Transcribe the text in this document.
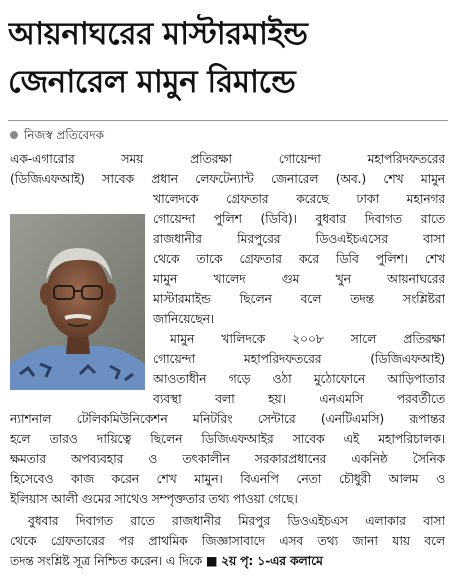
আয়নাঘরের মাস্টারমাইন্ড
জেনারেল মামুন রিমান্ডে
নিজস্ব প্রতিবেদক
এক-এগারোর সময় প্রতিরক্ষা গোয়েন্দা মহাপরিদফতরের
(ডিজিএফআই) সাবেক প্রধান লেফটেন্যান্ট জেনারেল (অব.) শেখ মামুন
খালেদকে গ্রেফতার করেছে ঢাকা মহানগর
গোয়েন্দা পুলিশ (ডিবি)। বুধবার দিবাগত রাতে
রাজধানীর মিরপুরের ডিওএইচএসের বাসা
থেকে তাকে গ্রেফতার করে ডিবি পুলিশ। শেখ
মামুন খালেদ গুম খুন আয়নাঘরের
মাস্টারমাইন্ড ছিলেন বলে তদন্ত সংশ্লিষ্টরা
জানিয়েছেন।
মামুন খালিদকে ২০০৮ সালে প্রতিরক্ষা
গোয়েন্দা মহাপরিদফতরের (ডিজিএফআই)
আওতাধীন গড়ে ওঠা মুঠোফোনে আড়িপাতার
ব্যবস্থা বলা হয়। এনএমসি পরবর্তীতে
ন্যাশনাল টেলিকমিউনিকেশন মনিটরিং সেন্টারে (এনটিএমসি) রূপান্তর
হলে তারও দায়িত্বে ছিলেন ডিজিএফআইর সাবেক এই মহাপরিচালক।
ক্ষমতার অপব্যবহার ও তৎকালীন সরকারপ্রধানের একনিষ্ঠ সৈনিক
হিসেবেও কাজ করেন শেখ মামুন। বিএনপি নেতা চৌধুরী আলম ও
ইলিয়াস আলী গুমের সাথেও সম্পৃক্ততার তথ্য পাওয়া গেছে।
বুধবার দিবাগত রাতে রাজধানীর মিরপুর ডিওএইচএস এলাকার বাসা
থেকে গ্রেফতারের পর প্রাথমিক জিজ্ঞাসাবাদে এসব তথ্য জানা যায় বলে
তদন্ত সংশ্লিষ্ট সূত্র নিশ্চিত করেন। এ দিকে ■ ২য় পৃ: ১-এর কলামে
